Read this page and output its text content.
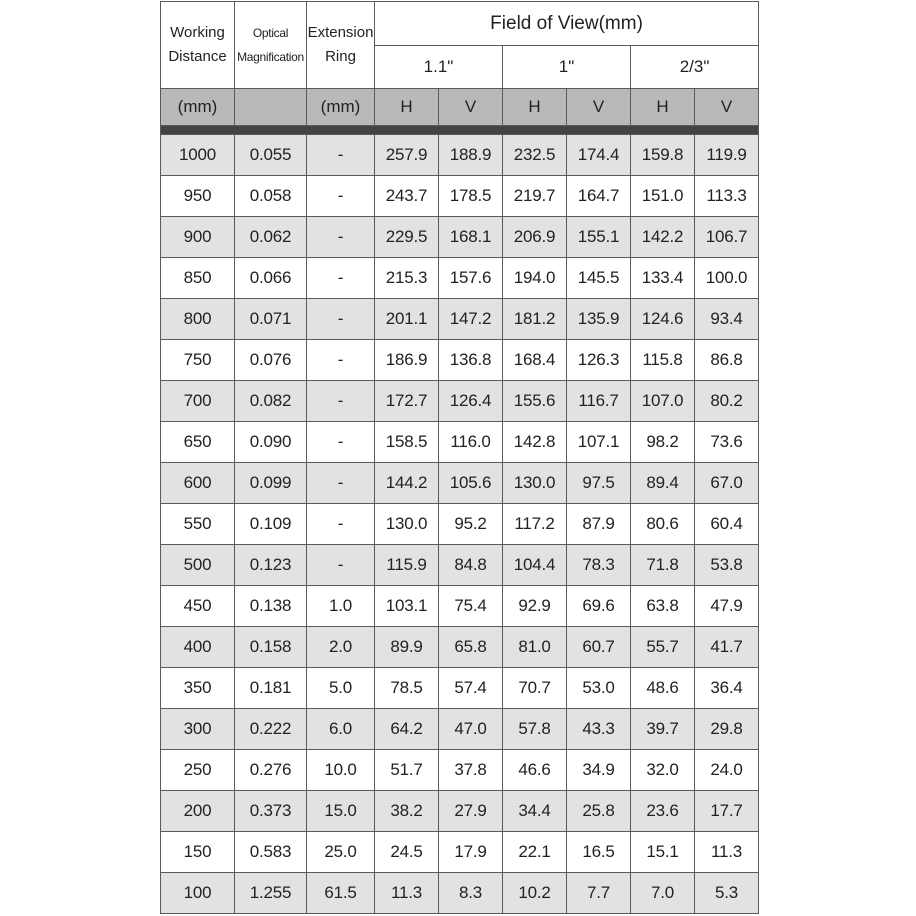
Working
Distance	Optical
Magnification	Extension
Ring	Field of View(mm)					
			1.1"		1"		2/3"	
(mm)		(mm)	H	V	H	V	H	V

1000	0.055	-	257.9	188.9	232.5	174.4	159.8	119.9
950	0.058	-	243.7	178.5	219.7	164.7	151.0	113.3
900	0.062	-	229.5	168.1	206.9	155.1	142.2	106.7
850	0.066	-	215.3	157.6	194.0	145.5	133.4	100.0
800	0.071	-	201.1	147.2	181.2	135.9	124.6	93.4
750	0.076	-	186.9	136.8	168.4	126.3	115.8	86.8
700	0.082	-	172.7	126.4	155.6	116.7	107.0	80.2
650	0.090	-	158.5	116.0	142.8	107.1	98.2	73.6
600	0.099	-	144.2	105.6	130.0	97.5	89.4	67.0
550	0.109	-	130.0	95.2	117.2	87.9	80.6	60.4
500	0.123	-	115.9	84.8	104.4	78.3	71.8	53.8
450	0.138	1.0	103.1	75.4	92.9	69.6	63.8	47.9
400	0.158	2.0	89.9	65.8	81.0	60.7	55.7	41.7
350	0.181	5.0	78.5	57.4	70.7	53.0	48.6	36.4
300	0.222	6.0	64.2	47.0	57.8	43.3	39.7	29.8
250	0.276	10.0	51.7	37.8	46.6	34.9	32.0	24.0
200	0.373	15.0	38.2	27.9	34.4	25.8	23.6	17.7
150	0.583	25.0	24.5	17.9	22.1	16.5	15.1	11.3
100	1.255	61.5	11.3	8.3	10.2	7.7	7.0	5.3
